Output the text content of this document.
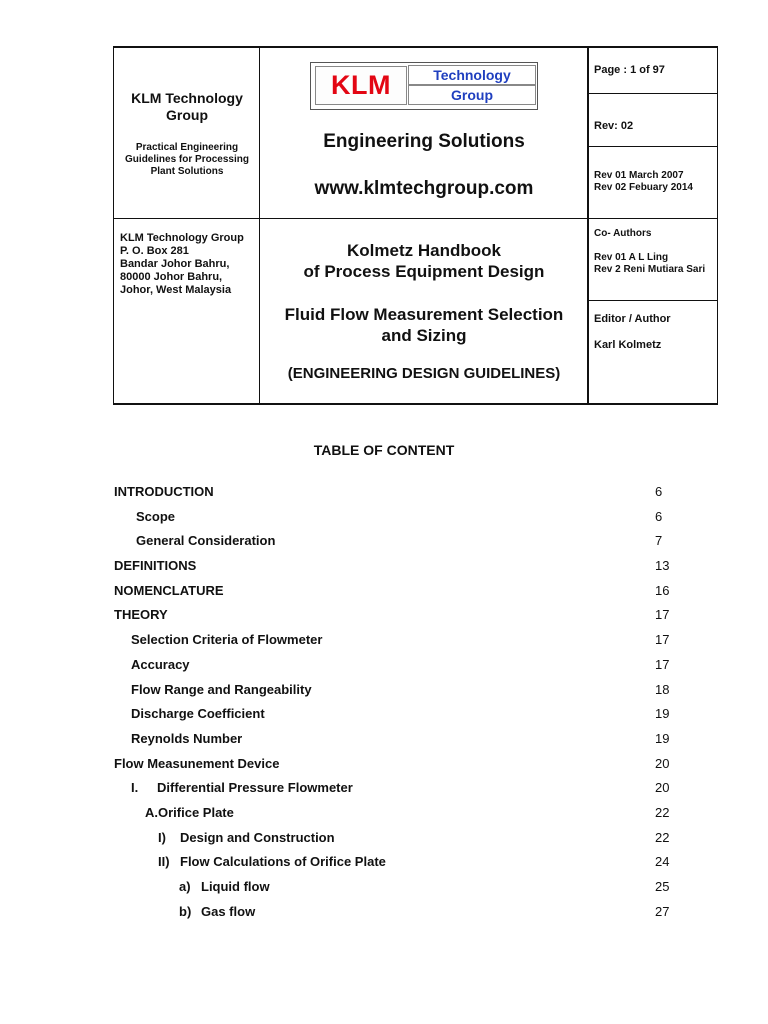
KLM Technology
Group
Practical Engineering
Guidelines for Processing
Plant Solutions
KLM Technology Group
P. O. Box 281
Bandar Johor Bahru,
80000 Johor Bahru,
Johor, West Malaysia
KLM	Technology
Group
Engineering Solutions
www.klmtechgroup.com
Kolmetz Handbook
of Process Equipment Design
Fluid Flow Measurement Selection
and Sizing
(ENGINEERING DESIGN GUIDELINES)
Page : 1 of 97
Rev: 02
Rev 01 March 2007
Rev 02 Febuary 2014
Co- Authors
Rev 01 A L Ling
Rev 2 Reni Mutiara Sari
Editor / Author
Karl Kolmetz
TABLE OF CONTENT
INTRODUCTION	6
Scope	6
General Consideration	7
DEFINITIONS	13
NOMENCLATURE	16
THEORY	17
Selection Criteria of Flowmeter	17
Accuracy	17
Flow Range and Rangeability	18
Discharge Coefficient	19
Reynolds Number	19
Flow Measunement Device	20
I. Differential Pressure Flowmeter	20
A.Orifice Plate	22
I) Design and Construction	22
II) Flow Calculations of Orifice Plate	24
a) Liquid flow	25
b) Gas flow	27
